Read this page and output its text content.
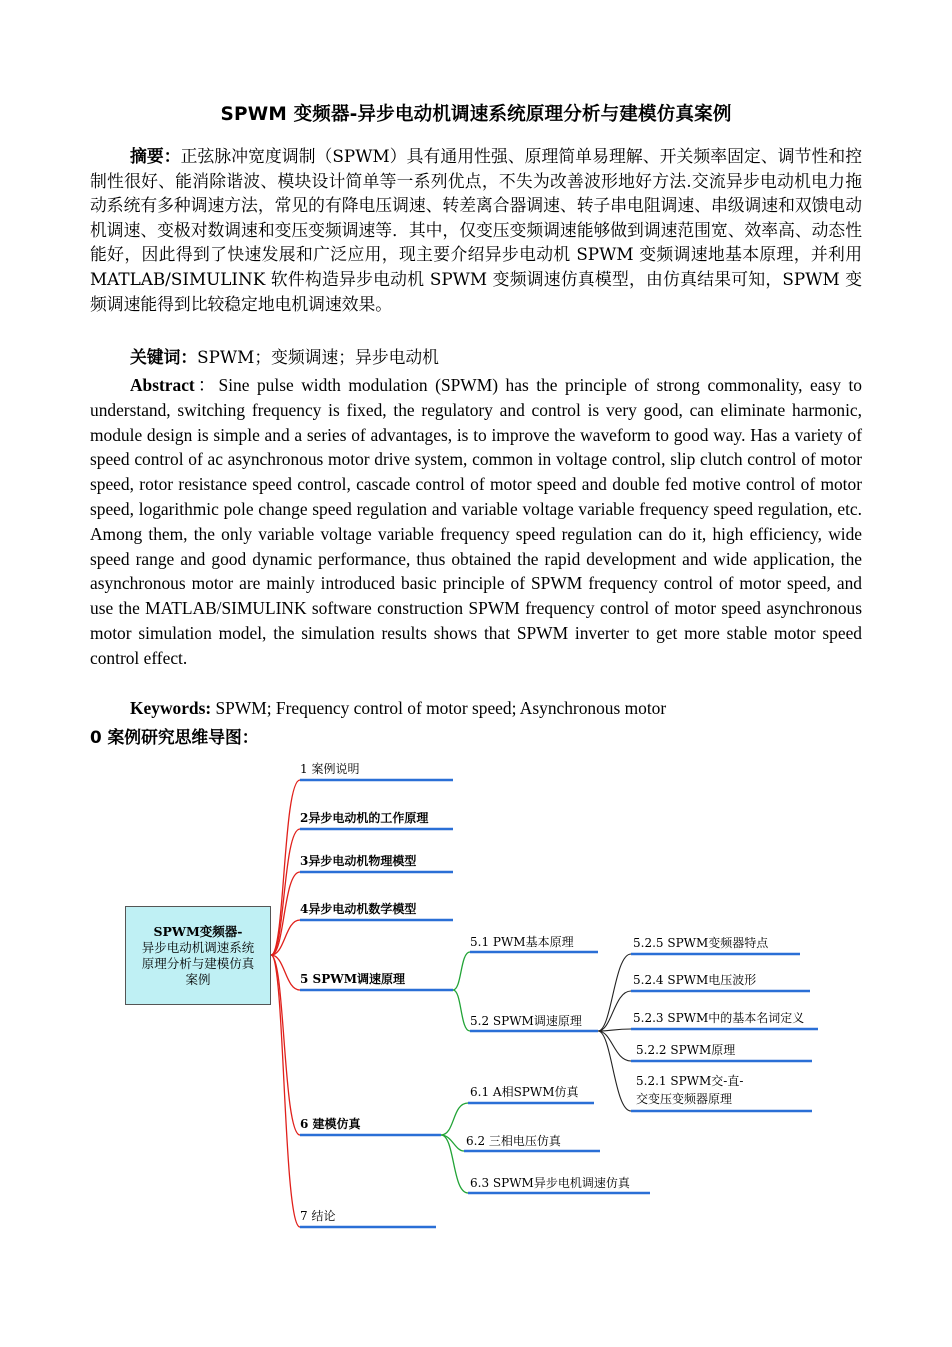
SPWM 变频器-异步电动机调速系统原理分析与建模仿真案例
摘要：正弦脉冲宽度调制（SPWM）具有通用性强、原理简单易理解、开关频率固定、调节性和控制性很好、能消除谐波、模块设计简单等一系列优点，不失为改善波形地好方法.交流异步电动机电力拖动系统有多种调速方法，常见的有降电压调速、转差离合器调速、转子串电阻调速、串级调速和双馈电动机调速、变极对数调速和变压变频调速等．其中，仅变压变频调速能够做到调速范围宽、效率高、动态性能好，因此得到了快速发展和广泛应用，现主要介绍异步电动机 SPWM 变频调速地基本原理，并利用 MATLAB/SIMULINK 软件构造异步电动机 SPWM 变频调速仿真模型，由仿真结果可知，SPWM 变频调速能得到比较稳定地电机调速效果。
关键词：SPWM；变频调速；异步电动机
Abstract：Sine pulse width modulation (SPWM) has the principle of strong commonality, easy to understand, switching frequency is fixed, the regulatory and control is very good, can eliminate harmonic, module design is simple and a series of advantages, is to improve the waveform to good way. Has a variety of speed control of ac asynchronous motor drive system, common in voltage control, slip clutch control of motor speed, rotor resistance speed control, cascade control of motor speed and double fed motive control of motor speed, logarithmic pole change speed regulation and variable voltage variable frequency speed regulation, etc. Among them, the only variable voltage variable frequency speed regulation can do it, high efficiency, wide speed range and good dynamic performance, thus obtained the rapid development and wide application, the asynchronous motor are mainly introduced basic principle of SPWM frequency control of motor speed, and use the MATLAB/SIMULINK software construction SPWM frequency control of motor speed asynchronous motor simulation model, the simulation results shows that SPWM inverter to get more stable motor speed control effect.
Keywords: SPWM; Frequency control of motor speed; Asynchronous motor
0 案例研究思维导图：
1 案例说明
2异步电动机的工作原理
3异步电动机物理模型
4异步电动机数学模型
5 SPWM调速原理
6 建模仿真
7 结论
5.1 PWM基本原理
5.2 SPWM调速原理
5.2.5 SPWM变频器特点
5.2.4 SPWM电压波形
5.2.3 SPWM中的基本名词定义
5.2.2 SPWM原理
5.2.1 SPWM交-直-
交变压变频器原理
6.1 A相SPWM仿真
6.2 三相电压仿真
6.3 SPWM异步电机调速仿真
SPWM变频器-
异步电动机调速系统
原理分析与建模仿真
案例
